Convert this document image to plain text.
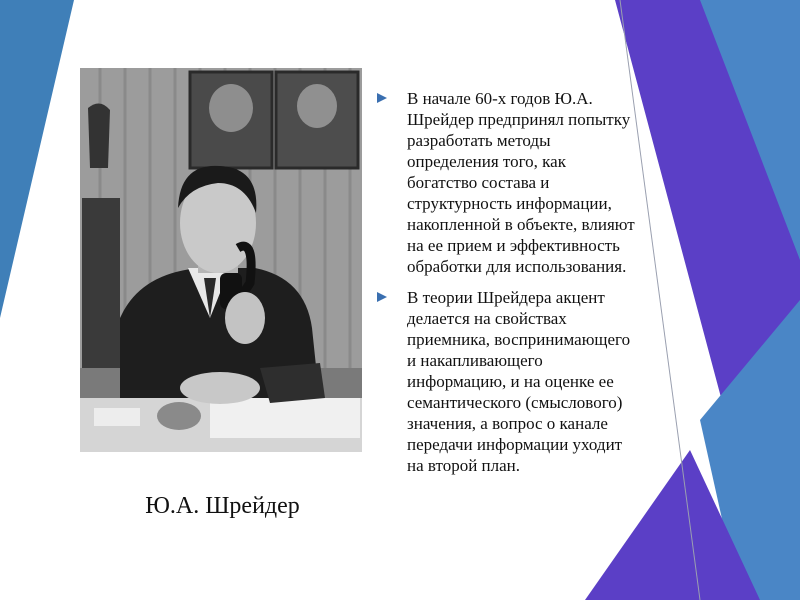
Ю.А. Шрейдер

В начале 60-х годов Ю.А. Шрейдер предпринял попытку разработать методы определения того, как богатство состава и структурность информации, накопленной в объекте, влияют на ее прием и эффективность обработки для использования.
В теории Шрейдера акцент делается на свойствах приемника, воспринимающего и накапливающего информацию, и на оценке ее семантического (смыслового) значения, а вопрос о канале передачи информации уходит на второй план.
